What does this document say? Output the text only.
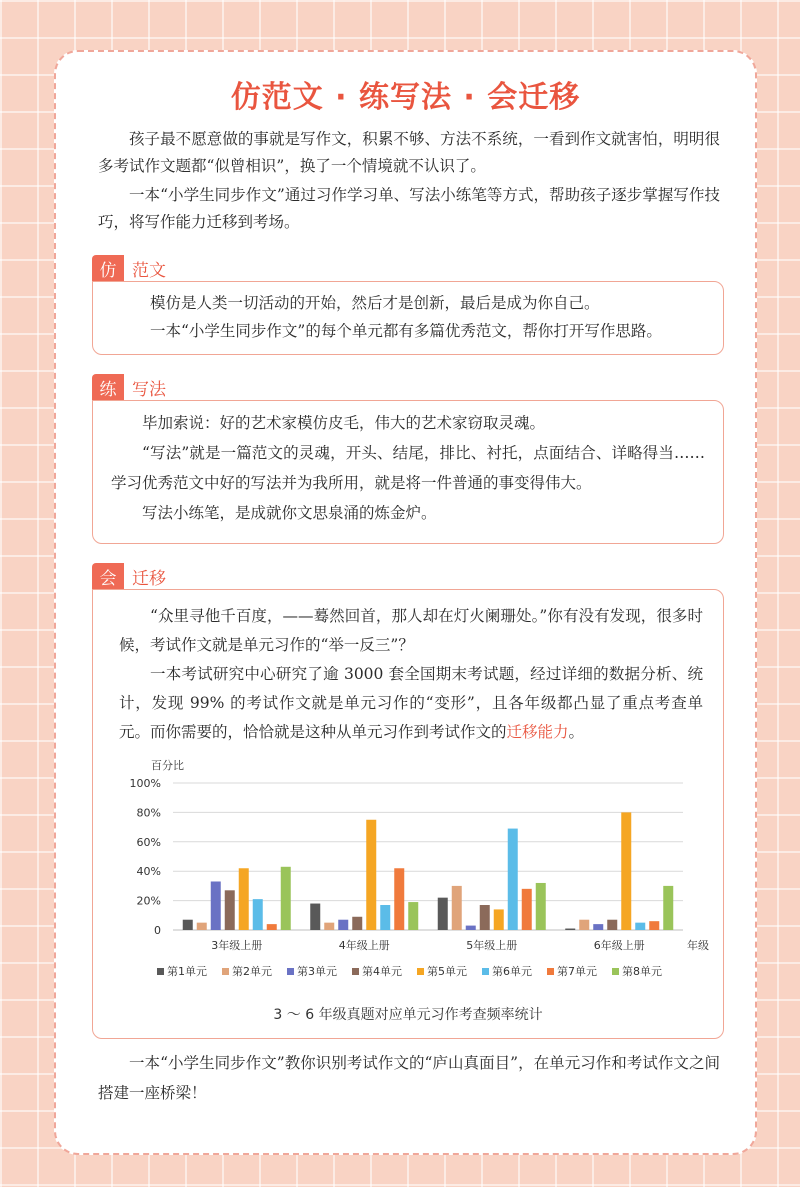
仿范文 · 练写法 · 会迁移

孩子最不愿意做的事就是写作文，积累不够、方法不系统，一看到作文就害怕，明明很多考试作文题都“似曾相识”，换了一个情境就不认识了。

一本“小学生同步作文”通过习作学习单、写法小练笔等方式，帮助孩子逐步掌握写作技巧，将写作能力迁移到考场。

仿 范文

模仿是人类一切活动的开始，然后才是创新，最后是成为你自己。

一本“小学生同步作文”的每个单元都有多篇优秀范文，帮你打开写作思路。

练 写法

毕加索说：好的艺术家模仿皮毛，伟大的艺术家窃取灵魂。

“写法”就是一篇范文的灵魂，开头、结尾，排比、衬托，点面结合、详略得当……学习优秀范文中好的写法并为我所用，就是将一件普通的事变得伟大。

写法小练笔，是成就你文思泉涌的炼金炉。

会 迁移

“众里寻他千百度，——蓦然回首，那人却在灯火阑珊处。”你有没有发现，很多时候，考试作文就是单元习作的“举一反三”？

一本考试研究中心研究了逾 3000 套全国期末考试题，经过详细的数据分析、统计，发现 99% 的考试作文就是单元习作的“变形”，且各年级都凸显了重点考查单元。而你需要的，恰恰就是这种从单元习作到考试作文的迁移能力。

百分比
0
20%
40%
60%
80%
100%
3年级上册	4年级上册	5年级上册	6年级上册	年级
第1单元 第2单元 第3单元 第4单元 第5单元 第6单元 第7单元 第8单元
3 ～ 6 年级真题对应单元习作考查频率统计

一本“小学生同步作文”教你识别考试作文的“庐山真面目”，在单元习作和考试作文之间搭建一座桥梁！
